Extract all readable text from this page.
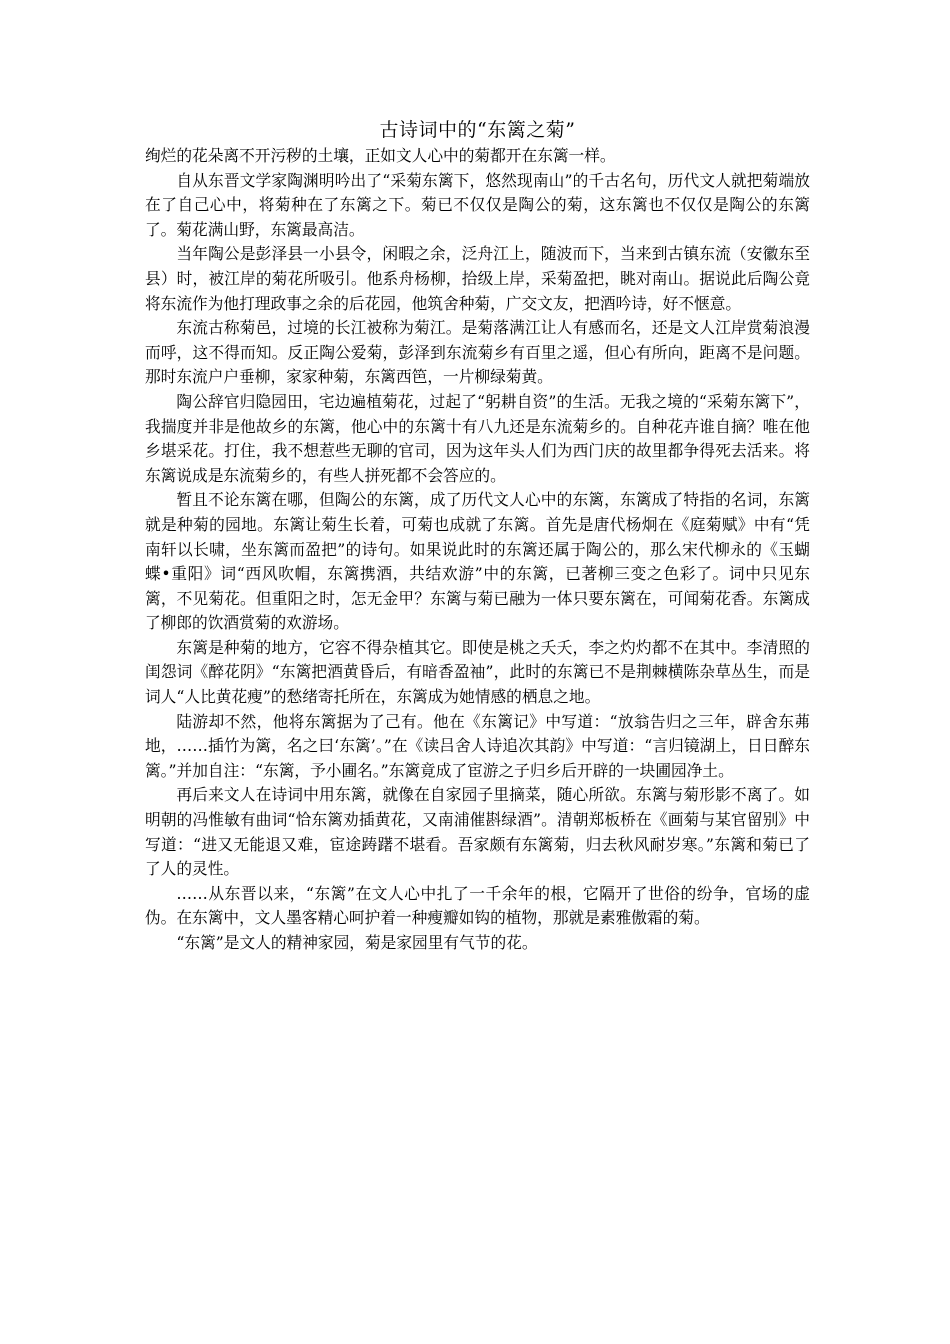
古诗词中的“东篱之菊”

绚烂的花朵离不开污秽的土壤，正如文人心中的菊都开在东篱一样。

自从东晋文学家陶渊明吟出了“采菊东篱下，悠然现南山”的千古名句，历代文人就把菊端放在了自己心中，将菊种在了东篱之下。菊已不仅仅是陶公的菊，这东篱也不仅仅是陶公的东篱了。菊花满山野，东篱最高洁。

当年陶公是彭泽县一小县令，闲暇之余，泛舟江上，随波而下，当来到古镇东流（安徽东至县）时，被江岸的菊花所吸引。他系舟杨柳，拾级上岸，采菊盈把，眺对南山。据说此后陶公竟将东流作为他打理政事之余的后花园，他筑舍种菊，广交文友，把酒吟诗，好不惬意。

东流古称菊邑，过境的长江被称为菊江。是菊落满江让人有感而名，还是文人江岸赏菊浪漫而呼，这不得而知。反正陶公爱菊，彭泽到东流菊乡有百里之遥，但心有所向，距离不是问题。那时东流户户垂柳，家家种菊，东篱西笆，一片柳绿菊黄。

陶公辞官归隐园田，宅边遍植菊花，过起了“躬耕自资”的生活。无我之境的“采菊东篱下”，我揣度并非是他故乡的东篱，他心中的东篱十有八九还是东流菊乡的。自种花卉谁自摘？唯在他乡堪采花。打住，我不想惹些无聊的官司，因为这年头人们为西门庆的故里都争得死去活来。将东篱说成是东流菊乡的，有些人拼死都不会答应的。

暂且不论东篱在哪，但陶公的东篱，成了历代文人心中的东篱，东篱成了特指的名词，东篱就是种菊的园地。东篱让菊生长着，可菊也成就了东篱。首先是唐代杨炯在《庭菊赋》中有“凭南轩以长啸，坐东篱而盈把”的诗句。如果说此时的东篱还属于陶公的，那么宋代柳永的《玉蝴蝶•重阳》词“西风吹帽，东篱携酒，共结欢游”中的东篱，已著柳三变之色彩了。词中只见东篱，不见菊花。但重阳之时，怎无金甲？东篱与菊已融为一体只要东篱在，可闻菊花香。东篱成了柳郎的饮酒赏菊的欢游场。

东篱是种菊的地方，它容不得杂植其它。即使是桃之夭夭，李之灼灼都不在其中。李清照的闺怨词《醉花阴》“东篱把酒黄昏后，有暗香盈袖”，此时的东篱已不是荆棘横陈杂草丛生，而是词人“人比黄花瘦”的愁绪寄托所在，东篱成为她情感的栖息之地。

陆游却不然，他将东篱据为了己有。他在《东篱记》中写道：“放翁告归之三年，辟舍东茀地，……插竹为篱，名之曰‘东篱’。”在《读吕舍人诗追次其韵》中写道：“言归镜湖上，日日醉东篱。”并加自注：“东篱，予小圃名。”东篱竟成了宦游之子归乡后开辟的一块圃园净土。

再后来文人在诗词中用东篱，就像在自家园子里摘菜，随心所欲。东篱与菊形影不离了。如明朝的冯惟敏有曲词“恰东篱劝插黄花，又南浦催斟绿酒”。清朝郑板桥在《画菊与某官留别》中写道：“进又无能退又难，宦途踌躇不堪看。吾家颇有东篱菊，归去秋风耐岁寒。”东篱和菊已了了人的灵性。

……从东晋以来，“东篱”在文人心中扎了一千余年的根，它隔开了世俗的纷争，官场的虚伪。在东篱中，文人墨客精心呵护着一种瘦瓣如钩的植物，那就是素雅傲霜的菊。

“东篱”是文人的精神家园，菊是家园里有气节的花。
